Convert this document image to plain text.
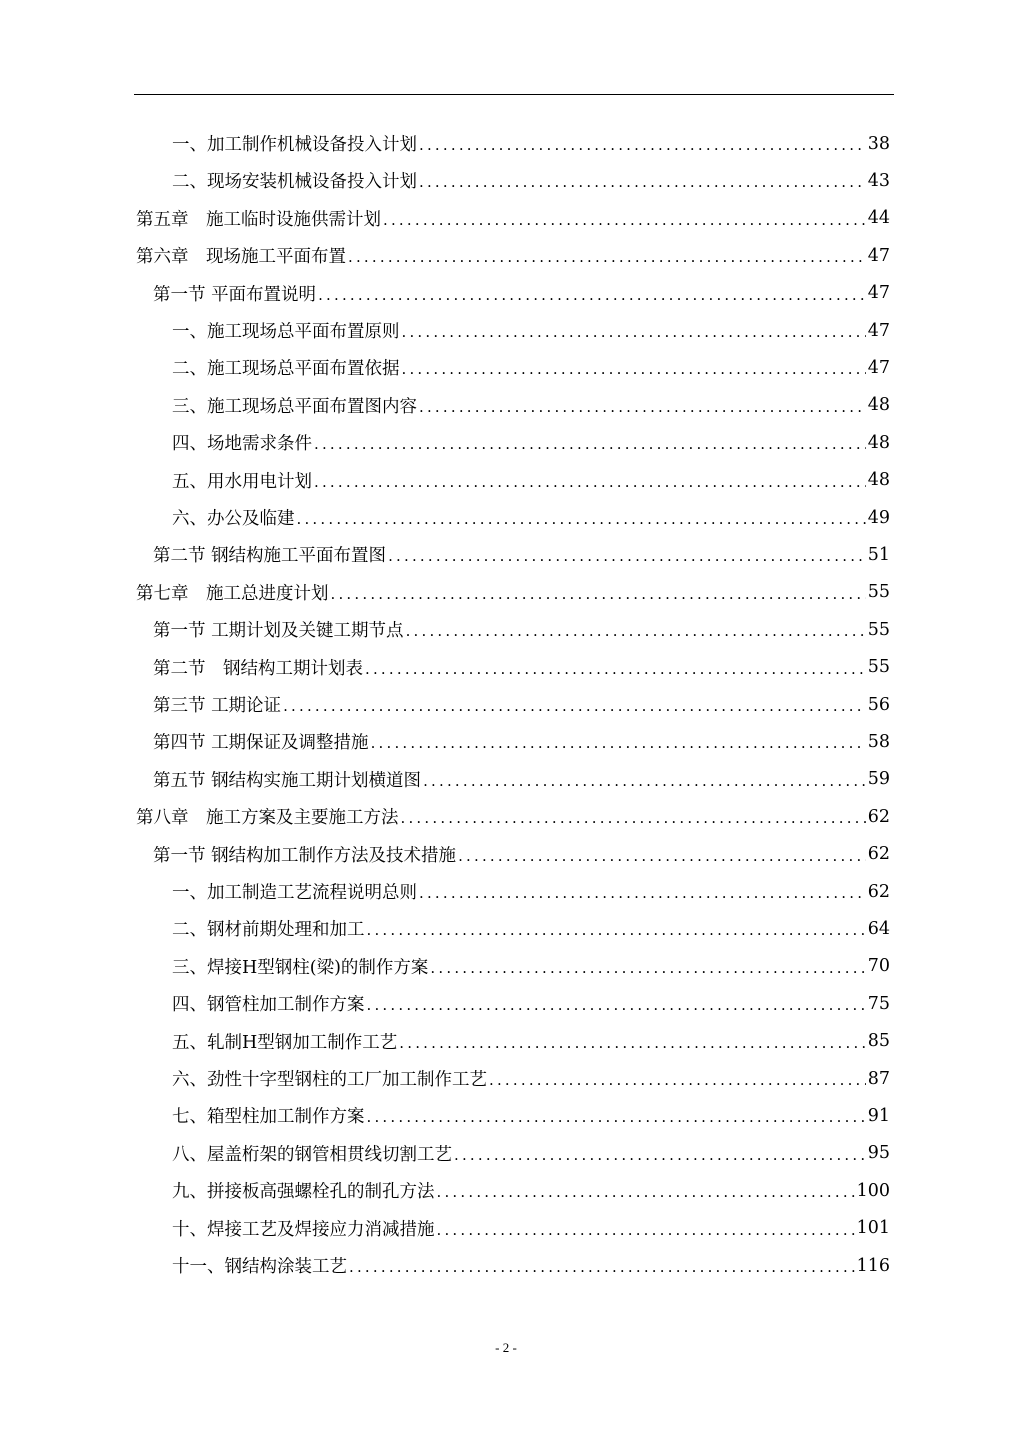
一、加工制作机械设备投入计划 .....	38
二、现场安装机械设备投入计划 .....	43
第五章　施工临时设施供需计划 .....	44
第六章　现场施工平面布置 .....	47
第一节 平面布置说明 .....	47
一、施工现场总平面布置原则 .....	47
二、施工现场总平面布置依据 .....	47
三、施工现场总平面布置图内容 .....	48
四、场地需求条件 .....	48
五、用水用电计划 .....	48
六、办公及临建 .....	49
第二节 钢结构施工平面布置图 .....	51
第七章　施工总进度计划 .....	55
第一节 工期计划及关键工期节点 .....	55
第二节　钢结构工期计划表 .....	55
第三节 工期论证 .....	56
第四节 工期保证及调整措施 .....	58
第五节 钢结构实施工期计划横道图 .....	59
第八章　施工方案及主要施工方法 .....	62
第一节 钢结构加工制作方法及技术措施 .....	62
一、加工制造工艺流程说明总则 .....	62
二、钢材前期处理和加工 .....	64
三、焊接H型钢柱(梁)的制作方案 .....	70
四、钢管柱加工制作方案 .....	75
五、轧制H型钢加工制作工艺 .....	85
六、劲性十字型钢柱的工厂加工制作工艺 .....	87
七、箱型柱加工制作方案 .....	91
八、屋盖桁架的钢管相贯线切割工艺 .....	95
九、拼接板高强螺栓孔的制孔方法 .....	100
十、焊接工艺及焊接应力消减措施 .....	101
十一、钢结构涂装工艺 .....	116
- 2 -
